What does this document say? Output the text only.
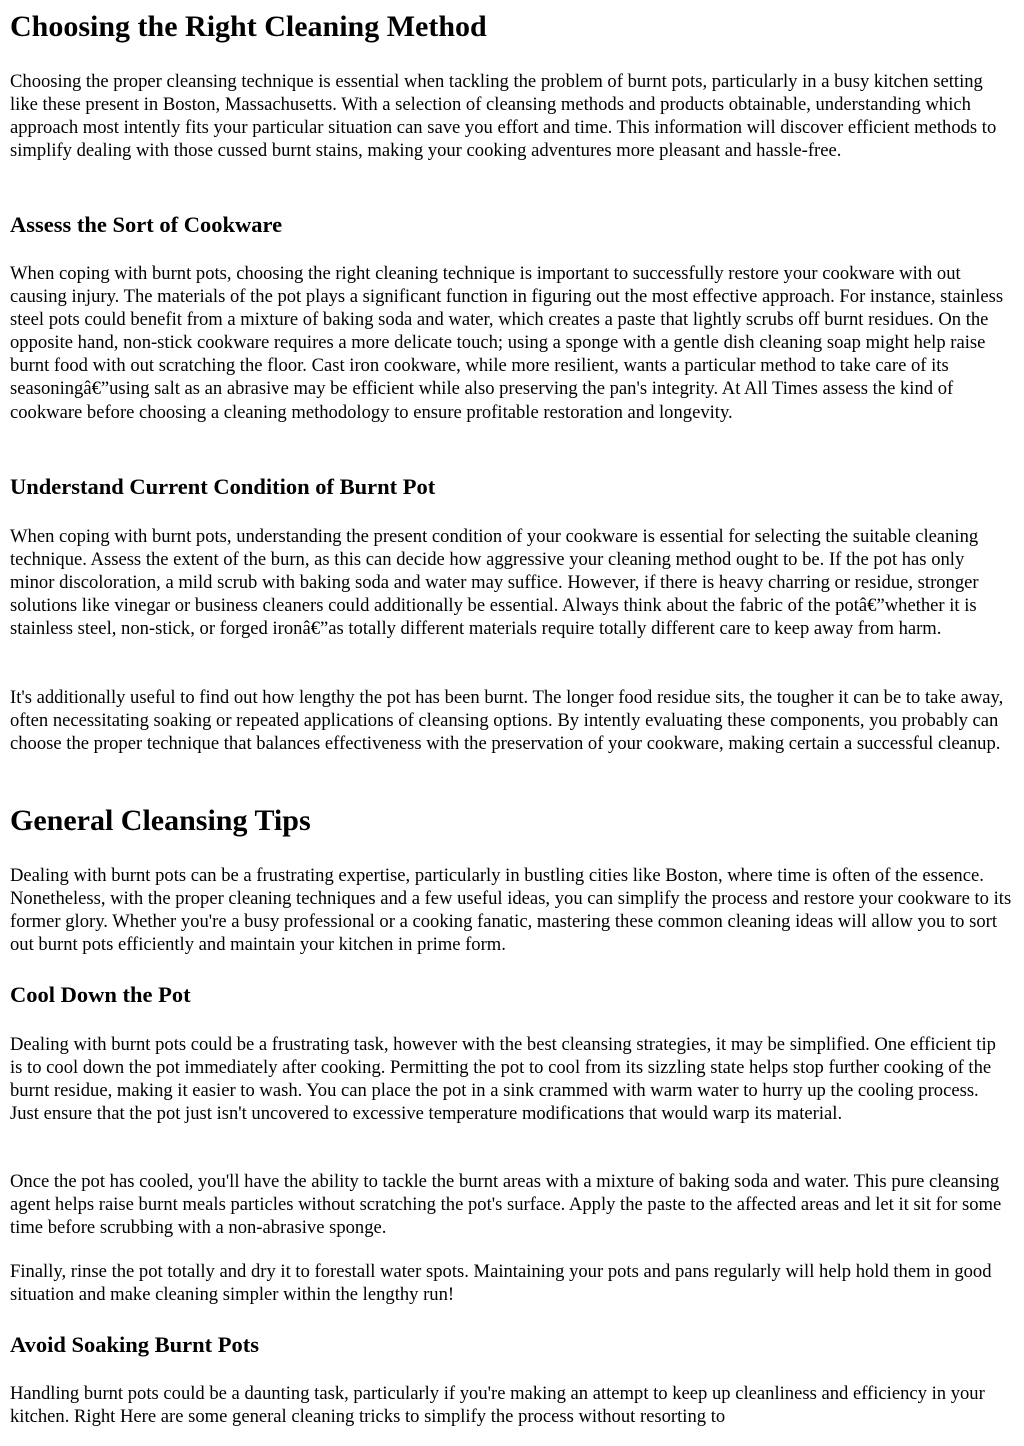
Choosing the Right Cleaning Method

Choosing the proper cleansing technique is essential when tackling the problem of burnt pots, particularly in a busy kitchen setting like these present in Boston, Massachusetts. With a selection of cleansing methods and products obtainable, understanding which approach most intently fits your particular situation can save you effort and time. This information will discover efficient methods to simplify dealing with those cussed burnt stains, making your cooking adventures more pleasant and hassle-free.

Assess the Sort of Cookware

When coping with burnt pots, choosing the right cleaning technique is important to successfully restore your cookware with out causing injury. The materials of the pot plays a significant function in figuring out the most effective approach. For instance, stainless steel pots could benefit from a mixture of baking soda and water, which creates a paste that lightly scrubs off burnt residues. On the opposite hand, non-stick cookware requires a more delicate touch; using a sponge with a gentle dish cleaning soap might help raise burnt food with out scratching the floor. Cast iron cookware, while more resilient, wants a particular method to take care of its seasoningâ€”using salt as an abrasive may be efficient while also preserving the pan's integrity. At All Times assess the kind of cookware before choosing a cleaning methodology to ensure profitable restoration and longevity.

Understand Current Condition of Burnt Pot

When coping with burnt pots, understanding the present condition of your cookware is essential for selecting the suitable cleaning technique. Assess the extent of the burn, as this can decide how aggressive your cleaning method ought to be. If the pot has only minor discoloration, a mild scrub with baking soda and water may suffice. However, if there is heavy charring or residue, stronger solutions like vinegar or business cleaners could additionally be essential. Always think about the fabric of the potâ€”whether it is stainless steel, non-stick, or forged ironâ€”as totally different materials require totally different care to keep away from harm.

It's additionally useful to find out how lengthy the pot has been burnt. The longer food residue sits, the tougher it can be to take away, often necessitating soaking or repeated applications of cleansing options. By intently evaluating these components, you probably can choose the proper technique that balances effectiveness with the preservation of your cookware, making certain a successful cleanup.

General Cleansing Tips

Dealing with burnt pots can be a frustrating expertise, particularly in bustling cities like Boston, where time is often of the essence. Nonetheless, with the proper cleaning techniques and a few useful ideas, you can simplify the process and restore your cookware to its former glory. Whether you're a busy professional or a cooking fanatic, mastering these common cleaning ideas will allow you to sort out burnt pots efficiently and maintain your kitchen in prime form.

Cool Down the Pot

Dealing with burnt pots could be a frustrating task, however with the best cleansing strategies, it may be simplified. One efficient tip is to cool down the pot immediately after cooking. Permitting the pot to cool from its sizzling state helps stop further cooking of the burnt residue, making it easier to wash. You can place the pot in a sink crammed with warm water to hurry up the cooling process. Just ensure that the pot just isn't uncovered to excessive temperature modifications that would warp its material.

Once the pot has cooled, you'll have the ability to tackle the burnt areas with a mixture of baking soda and water. This pure cleansing agent helps raise burnt meals particles without scratching the pot's surface. Apply the paste to the affected areas and let it sit for some time before scrubbing with a non-abrasive sponge.

Finally, rinse the pot totally and dry it to forestall water spots. Maintaining your pots and pans regularly will help hold them in good situation and make cleaning simpler within the lengthy run!

Avoid Soaking Burnt Pots

Handling burnt pots could be a daunting task, particularly if you're making an attempt to keep up cleanliness and efficiency in your kitchen. Right Here are some general cleaning tricks to simplify the process without resorting to
